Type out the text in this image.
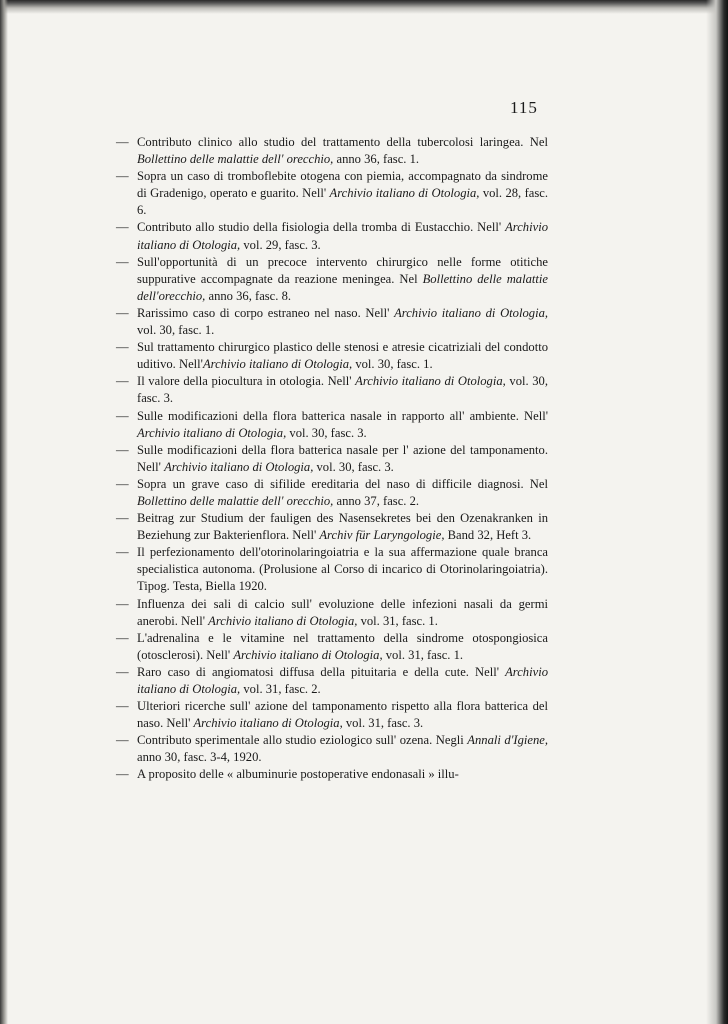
115
— Contributo clinico allo studio del trattamento della tubercolosi laringea. Nel Bollettino delle malattie dell' orecchio, anno 36, fasc. 1.
— Sopra un caso di tromboflebite otogena con piemia, accompagnato da sindrome di Gradenigo, operato e guarito. Nell' Archivio italiano di Otologia, vol. 28, fasc. 6.
— Contributo allo studio della fisiologia della tromba di Eustacchio. Nell' Archivio italiano di Otologia, vol. 29, fasc. 3.
— Sull'opportunità di un precoce intervento chirurgico nelle forme otitiche suppurative accompagnate da reazione meningea. Nel Bollettino delle malattie dell'orecchio, anno 36, fasc. 8.
— Rarissimo caso di corpo estraneo nel naso. Nell' Archivio italiano di Otologia, vol. 30, fasc. 1.
— Sul trattamento chirurgico plastico delle stenosi e atresie cicatriziali del condotto uditivo. Nell'Archivio italiano di Otologia, vol. 30, fasc. 1.
— Il valore della piocultura in otologia. Nell' Archivio italiano di Otologia, vol. 30, fasc. 3.
— Sulle modificazioni della flora batterica nasale in rapporto all' ambiente. Nell' Archivio italiano di Otologia, vol. 30, fasc. 3.
— Sulle modificazioni della flora batterica nasale per l' azione del tamponamento. Nell' Archivio italiano di Otologia, vol. 30, fasc. 3.
— Sopra un grave caso di sifilide ereditaria del naso di difficile diagnosi. Nel Bollettino delle malattie dell' orecchio, anno 37, fasc. 2.
— Beitrag zur Studium der fauligen des Nasensekretes bei den Ozenakranken in Beziehung zur Bakterienflora. Nell' Archiv für Laryngologie, Band 32, Heft 3.
— Il perfezionamento dell'otorinolaringoiatria e la sua affermazione quale branca specialistica autonoma. (Prolusione al Corso di incarico di Otorinolaringoiatria). Tipog. Testa, Biella 1920.
— Influenza dei sali di calcio sull' evoluzione delle infezioni nasali da germi anerobi. Nell' Archivio italiano di Otologia, vol. 31, fasc. 1.
— L'adrenalina e le vitamine nel trattamento della sindrome otospongiosica (otosclerosi). Nell' Archivio italiano di Otologia, vol. 31, fasc. 1.
— Raro caso di angiomatosi diffusa della pituitaria e della cute. Nell' Archivio italiano di Otologia, vol. 31, fasc. 2.
— Ulteriori ricerche sull' azione del tamponamento rispetto alla flora batterica del naso. Nell' Archivio italiano di Otologia, vol. 31, fasc. 3.
— Contributo sperimentale allo studio eziologico sull' ozena. Negli Annali d'Igiene, anno 30, fasc. 3-4, 1920.
— A proposito delle « albuminurie postoperative endonasali » illu-
